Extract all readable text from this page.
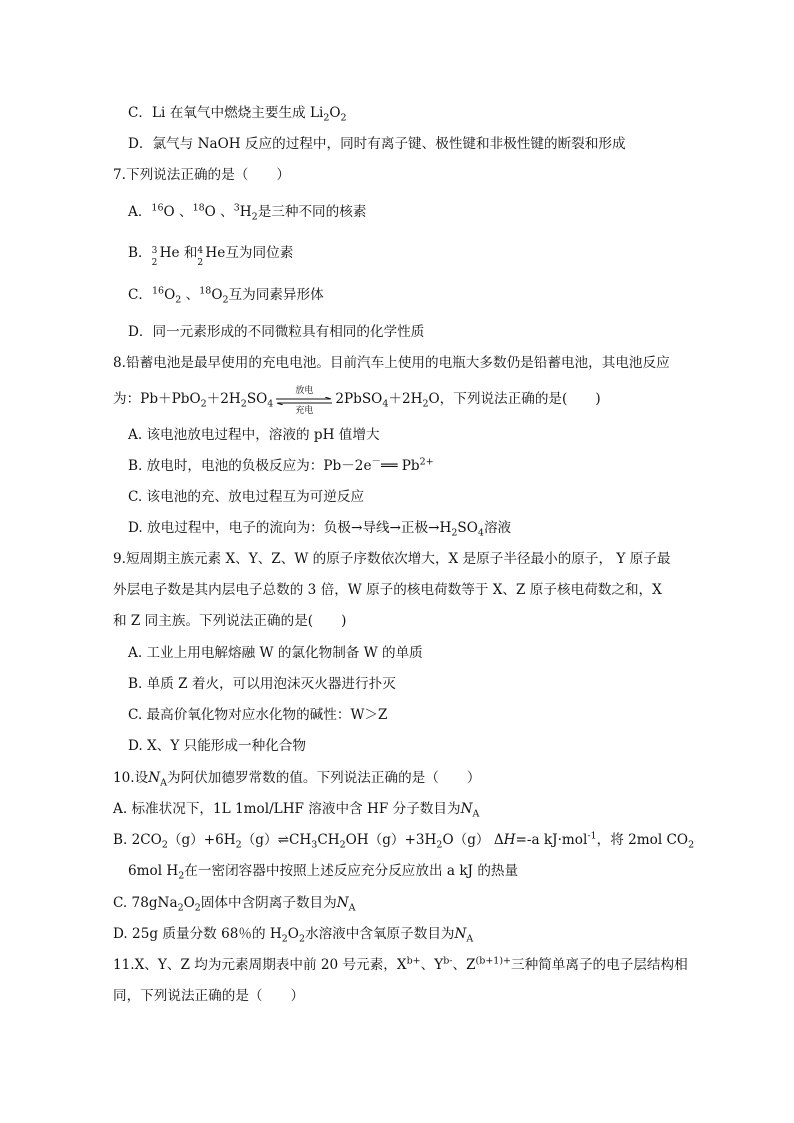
C．Li 在氧气中燃烧主要生成 $Li_2O_2$
D．氯气与 NaOH 反应的过程中，同时有离子键、极性键和非极性键的断裂和形成
7.下列说法正确的是（ ）
A．$^{16}$O 、$^{18}$O 、$^3H_2$是三种不同的核素
B． 3
2
He 和 4
2
He互为同位素
C．$^{16}O_2$ 、$^{18}O_2$互为同素异形体
D．同一元素形成的不同微粒具有相同的化学性质
8.铅蓄电池是最早使用的充电电池。目前汽车上使用的电瓶大多数仍是铅蓄电池，其电池反应
为：$Pb+PbO_2+2H_2SO_4$
放电
充电
$2PbSO_4+2H_2O$，下列说法正确的是( )
A. 该电池放电过程中，溶液的 pH 值增大
B. 放电时，电池的负极反应为：Pb－2e－══ $Pb^{2+}$
C. 该电池的充、放电过程互为可逆反应
D. 放电过程中，电子的流向为：负极→导线→正极$\to H_2SO_4$溶液
9.短周期主族元素 X、Y、Z、W 的原子序数依次增大，X 是原子半径最小的原子， Y 原子最
外层电子数是其内层电子总数的 3 倍，W 原子的核电荷数等于 X、Z 原子核电荷数之和，X
和 Z 同主族。下列说法正确的是( )
A. 工业上用电解熔融 W 的氯化物制备 W 的单质
B. 单质 Z 着火，可以用泡沫灭火器进行扑灭
C. 最高价氧化物对应水化物的碱性：W＞Z
D. X、Y 只能形成一种化合物
10.设$N_A$为阿伏加德罗常数的值。下列说法正确的是（ ）
A. 标准状况下，1L 1mol/LHF 溶液中含 HF 分子数目为$N_A$
B. $2CO_2(g)+6H_2(g)\rightleftharpoons CH_3CH_2OH(g)+3H_2O(g)$ ΔH=-a kJ·mol$^{-1}$，将 2mol $CO_2$
6mol $H_2$在一密闭容器中按照上述反应充分反应放出 a kJ 的热量
C. $78gNa_2O_2$固体中含阴离子数目为$N_A$
D. 25g 质量分数 68％的 $H_2O_2$水溶液中含氧原子数目为$N_A$
11.X、Y、Z 均为元素周期表中前 20 号元素，$X^{b+}$、$Y^{b-}$、$Z^{(b+1)+}$三种简单离子的电子层结构相
同，下列说法正确的是（ ）
